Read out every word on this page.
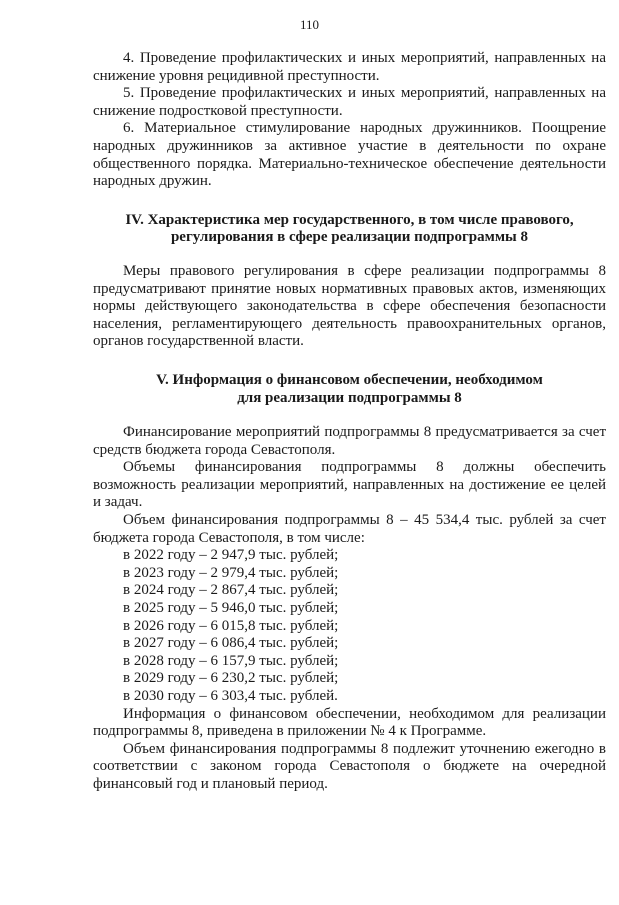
110

4. Проведение профилактических и иных мероприятий, направленных на снижение уровня рецидивной преступности.

5. Проведение профилактических и иных мероприятий, направленных на снижение подростковой преступности.

6. Материальное стимулирование народных дружинников. Поощрение народных дружинников за активное участие в деятельности по охране общественного порядка. Материально-техническое обеспечение деятельности народных дружин.

IV. Характеристика мер государственного, в том числе правового,
регулирования в сфере реализации подпрограммы 8

Меры правового регулирования в сфере реализации подпрограммы 8 предусматривают принятие новых нормативных правовых актов, изменяющих нормы действующего законодательства в сфере обеспечения безопасности населения, регламентирующего деятельность правоохранительных органов, органов государственной власти.

V. Информация о финансовом обеспечении, необходимом
для реализации подпрограммы 8

Финансирование мероприятий подпрограммы 8 предусматривается за счет средств бюджета города Севастополя.

Объемы финансирования подпрограммы 8 должны обеспечить возможность реализации мероприятий, направленных на достижение ее целей и задач.

Объем финансирования подпрограммы 8 – 45 534,4 тыс. рублей за счет бюджета города Севастополя, в том числе:

в 2022 году – 2 947,9 тыс. рублей;
в 2023 году – 2 979,4 тыс. рублей;
в 2024 году – 2 867,4 тыс. рублей;
в 2025 году – 5 946,0 тыс. рублей;
в 2026 году – 6 015,8 тыс. рублей;
в 2027 году – 6 086,4 тыс. рублей;
в 2028 году – 6 157,9 тыс. рублей;
в 2029 году – 6 230,2 тыс. рублей;
в 2030 году – 6 303,4 тыс. рублей.

Информация о финансовом обеспечении, необходимом для реализации подпрограммы 8, приведена в приложении № 4 к Программе.

Объем финансирования подпрограммы 8 подлежит уточнению ежегодно в соответствии с законом города Севастополя о бюджете на очередной финансовый год и плановый период.
